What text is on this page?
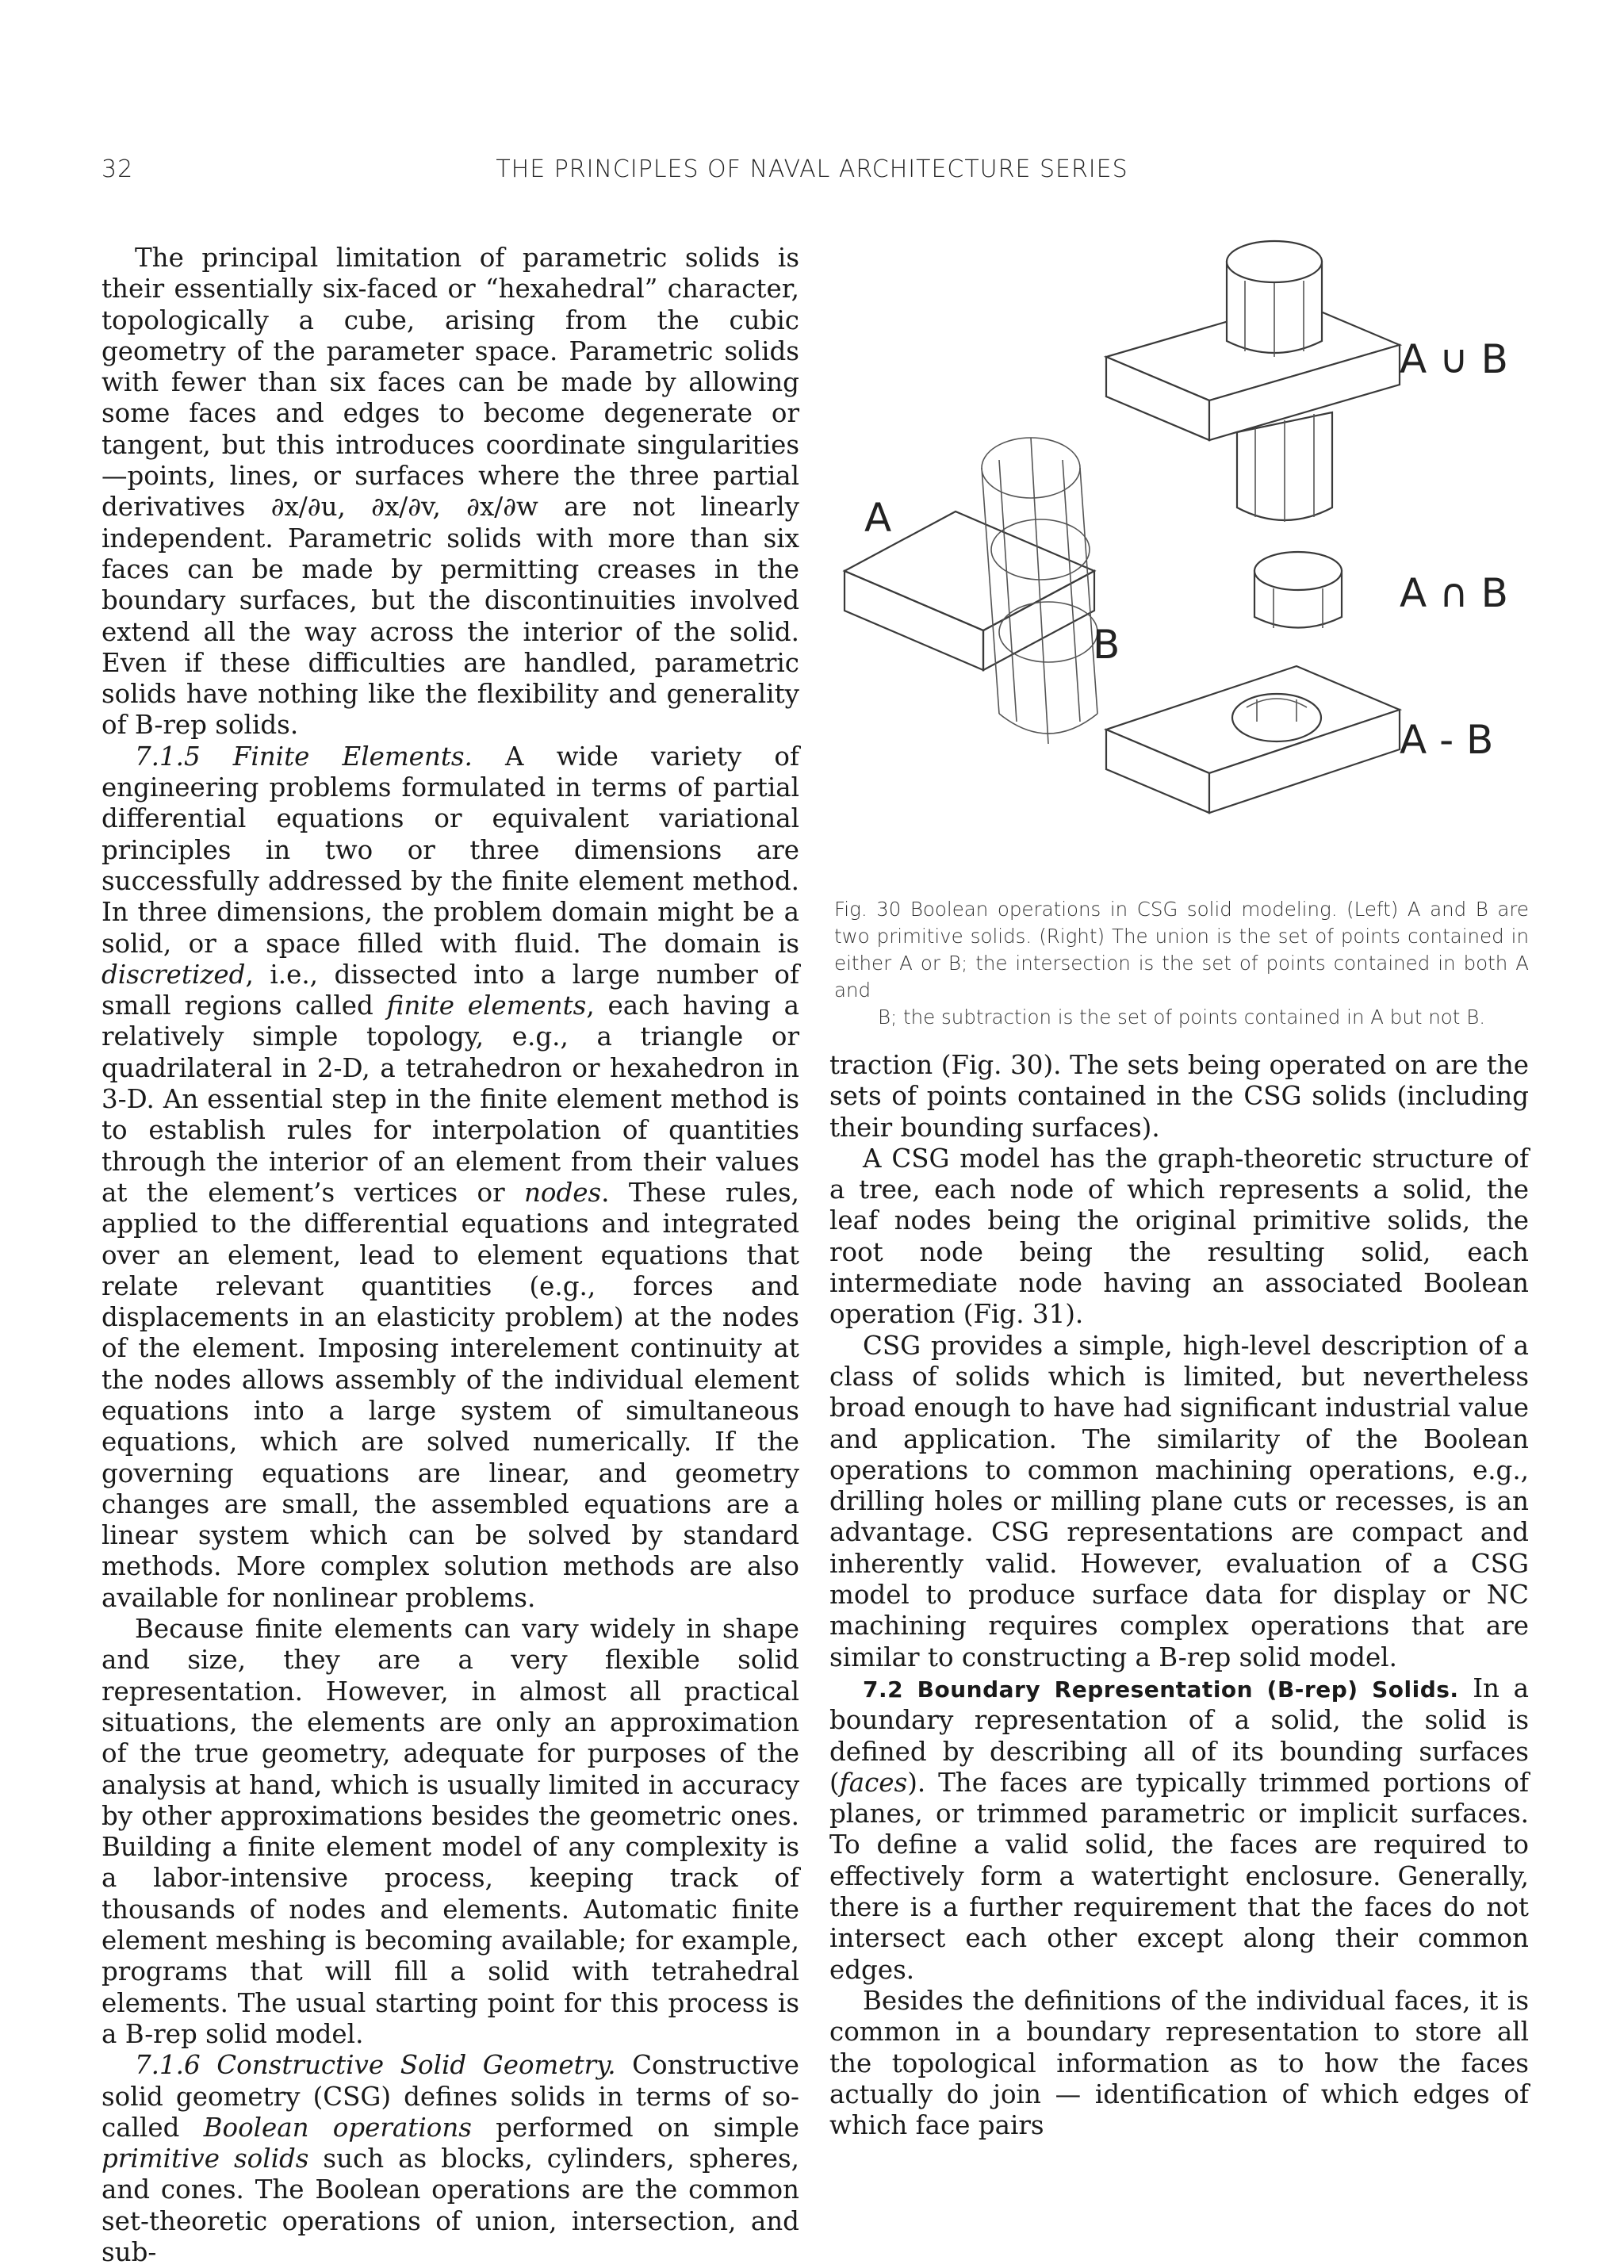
32	THE PRINCIPLES OF NAVAL ARCHITECTURE SERIES

The principal limitation of parametric solids is their essentially six-faced or “hexahedral” character, topologically a cube, arising from the cubic geometry of the parameter space. Parametric solids with fewer than six faces can be made by allowing some faces and edges to become degenerate or tangent, but this introduces coordinate singularities—points, lines, or surfaces where the three partial derivatives ∂x/∂u, ∂x/∂v, ∂x/∂w are not linearly independent. Parametric solids with more than six faces can be made by permitting creases in the boundary surfaces, but the discontinuities involved extend all the way across the interior of the solid. Even if these difficulties are handled, parametric solids have nothing like the flexibility and generality of B-rep solids.

7.1.5 Finite Elements. A wide variety of engineering problems formulated in terms of partial differential equations or equivalent variational principles in two or three dimensions are successfully addressed by the finite element method. In three dimensions, the problem domain might be a solid, or a space filled with fluid. The domain is discretized, i.e., dissected into a large number of small regions called finite elements, each having a relatively simple topology, e.g., a triangle or quadrilateral in 2-D, a tetrahedron or hexahedron in 3-D. An essential step in the finite element method is to establish rules for interpolation of quantities through the interior of an element from their values at the element’s vertices or nodes. These rules, applied to the differential equations and integrated over an element, lead to element equations that relate relevant quantities (e.g., forces and displacements in an elasticity problem) at the nodes of the element. Imposing interelement continuity at the nodes allows assembly of the individual element equations into a large system of simultaneous equations, which are solved numerically. If the governing equations are linear, and geometry changes are small, the assembled equations are a linear system which can be solved by standard methods. More complex solution methods are also available for nonlinear problems.

Because finite elements can vary widely in shape and size, they are a very flexible solid representation. However, in almost all practical situations, the elements are only an approximation of the true geometry, adequate for purposes of the analysis at hand, which is usually limited in accuracy by other approximations besides the geometric ones. Building a finite element model of any complexity is a labor-intensive process, keeping track of thousands of nodes and elements. Automatic finite element meshing is becoming available; for example, programs that will fill a solid with tetrahedral elements. The usual starting point for this process is a B-rep solid model.

7.1.6 Constructive Solid Geometry. Constructive solid geometry (CSG) defines solids in terms of so-called Boolean operations performed on simple primitive solids such as blocks, cylinders, spheres, and cones. The Boolean operations are the common set-theoretic operations of union, intersection, and sub-

A
B
A ∪ B
A ∩ B
A - B
Fig. 30 Boolean operations in CSG solid modeling. (Left) A and B are two primitive solids. (Right) The union is the set of points contained in either A or B; the intersection is the set of points contained in both A and
B; the subtraction is the set of points contained in A but not B.

traction (Fig. 30). The sets being operated on are the sets of points contained in the CSG solids (including their bounding surfaces).

A CSG model has the graph-theoretic structure of a tree, each node of which represents a solid, the leaf nodes being the original primitive solids, the root node being the resulting solid, each intermediate node having an associated Boolean operation (Fig. 31).

CSG provides a simple, high-level description of a class of solids which is limited, but nevertheless broad enough to have had significant industrial value and application. The similarity of the Boolean operations to common machining operations, e.g., drilling holes or milling plane cuts or recesses, is an advantage. CSG representations are compact and inherently valid. However, evaluation of a CSG model to produce surface data for display or NC machining requires complex operations that are similar to constructing a B-rep solid model.

7.2 Boundary Representation (B-rep) Solids. In a boundary representation of a solid, the solid is defined by describing all of its bounding surfaces (faces). The faces are typically trimmed portions of planes, or trimmed parametric or implicit surfaces. To define a valid solid, the faces are required to effectively form a watertight enclosure. Generally, there is a further requirement that the faces do not intersect each other except along their common edges.

Besides the definitions of the individual faces, it is common in a boundary representation to store all the topological information as to how the faces actually do join — identification of which edges of which face pairs
